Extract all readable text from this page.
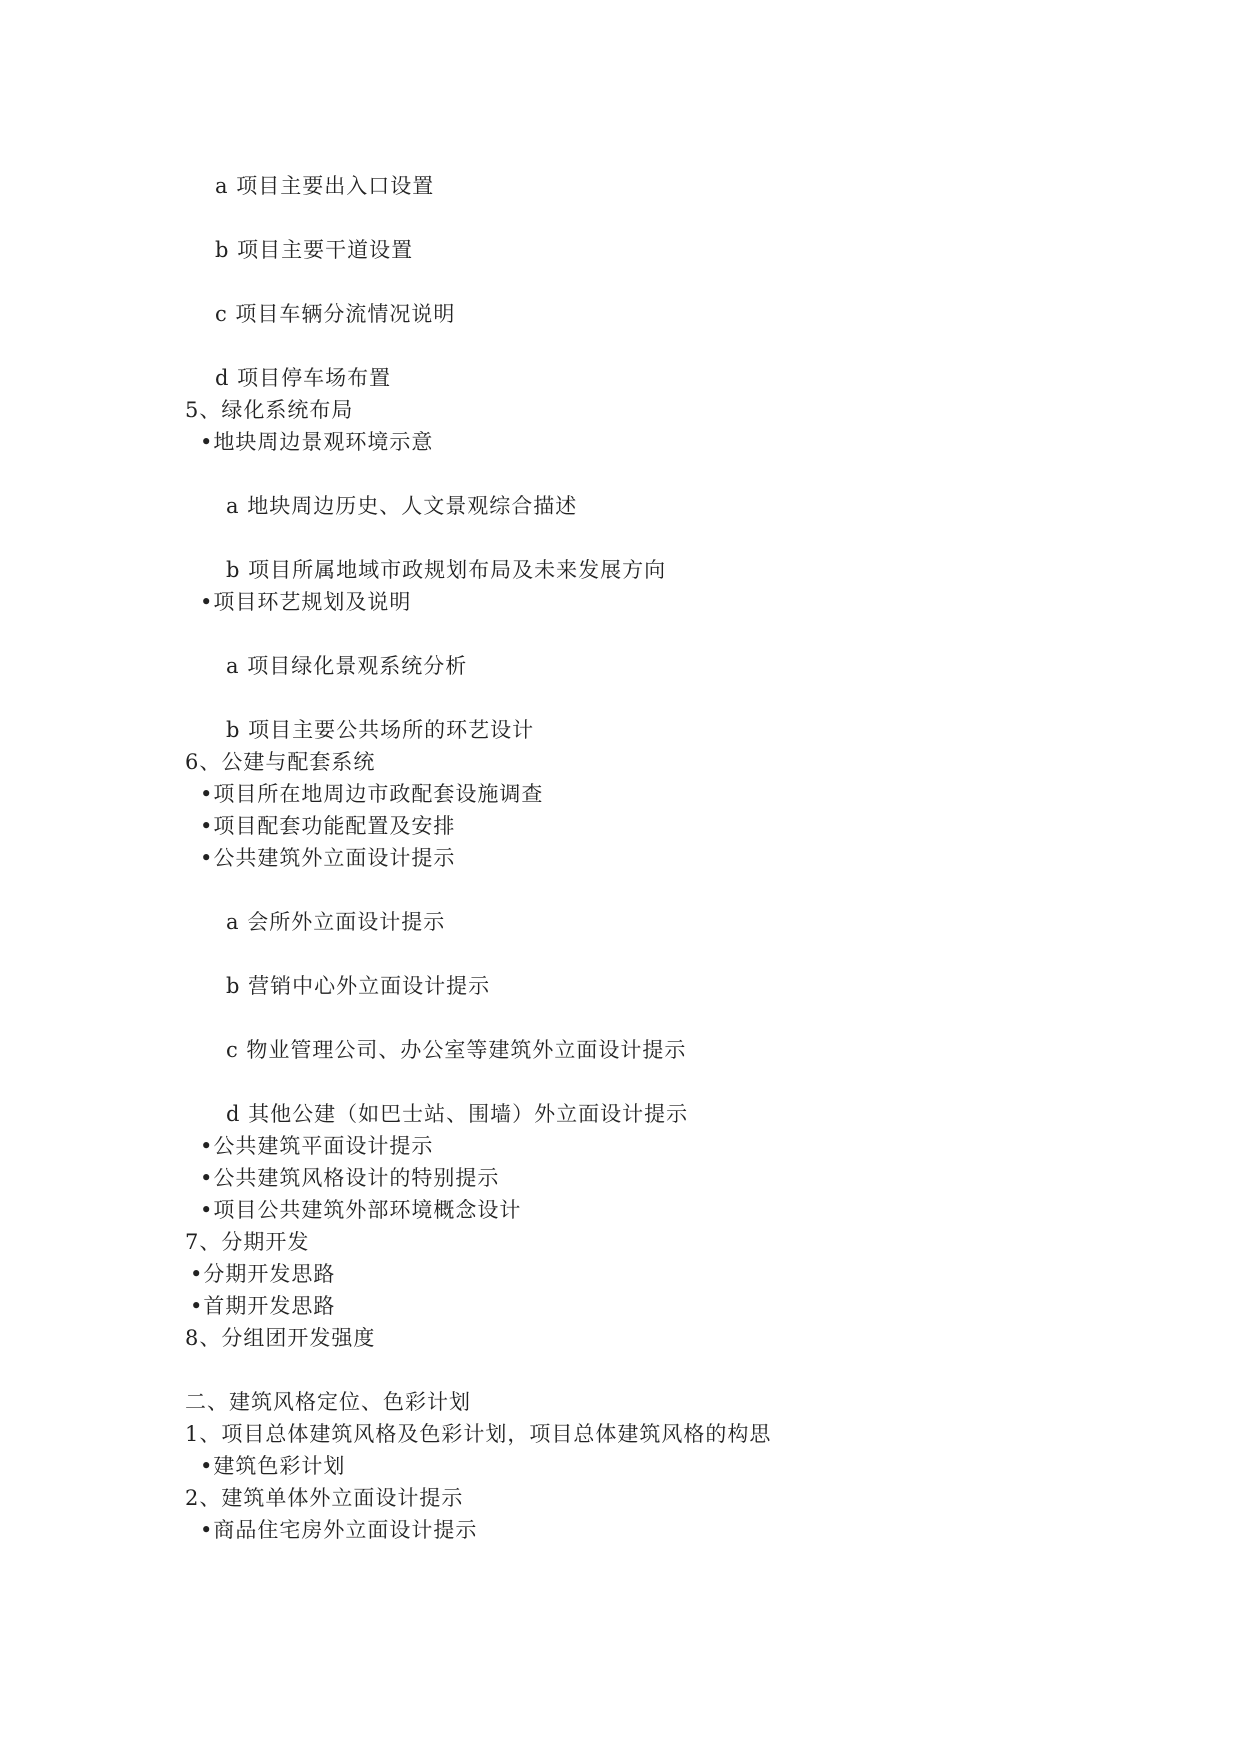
a 项目主要出入口设置
b 项目主要干道设置
c 项目车辆分流情况说明
d 项目停车场布置
5、绿化系统布局
•地块周边景观环境示意
a 地块周边历史、人文景观综合描述
b 项目所属地域市政规划布局及未来发展方向
•项目环艺规划及说明
a 项目绿化景观系统分析
b 项目主要公共场所的环艺设计
6、公建与配套系统
•项目所在地周边市政配套设施调查
•项目配套功能配置及安排
•公共建筑外立面设计提示
a 会所外立面设计提示
b 营销中心外立面设计提示
c 物业管理公司、办公室等建筑外立面设计提示
d 其他公建（如巴士站、围墙）外立面设计提示
•公共建筑平面设计提示
•公共建筑风格设计的特别提示
•项目公共建筑外部环境概念设计
7、分期开发
•分期开发思路
•首期开发思路
8、分组团开发强度
二、建筑风格定位、色彩计划
1、项目总体建筑风格及色彩计划，项目总体建筑风格的构思
•建筑色彩计划
2、建筑单体外立面设计提示
•商品住宅房外立面设计提示
